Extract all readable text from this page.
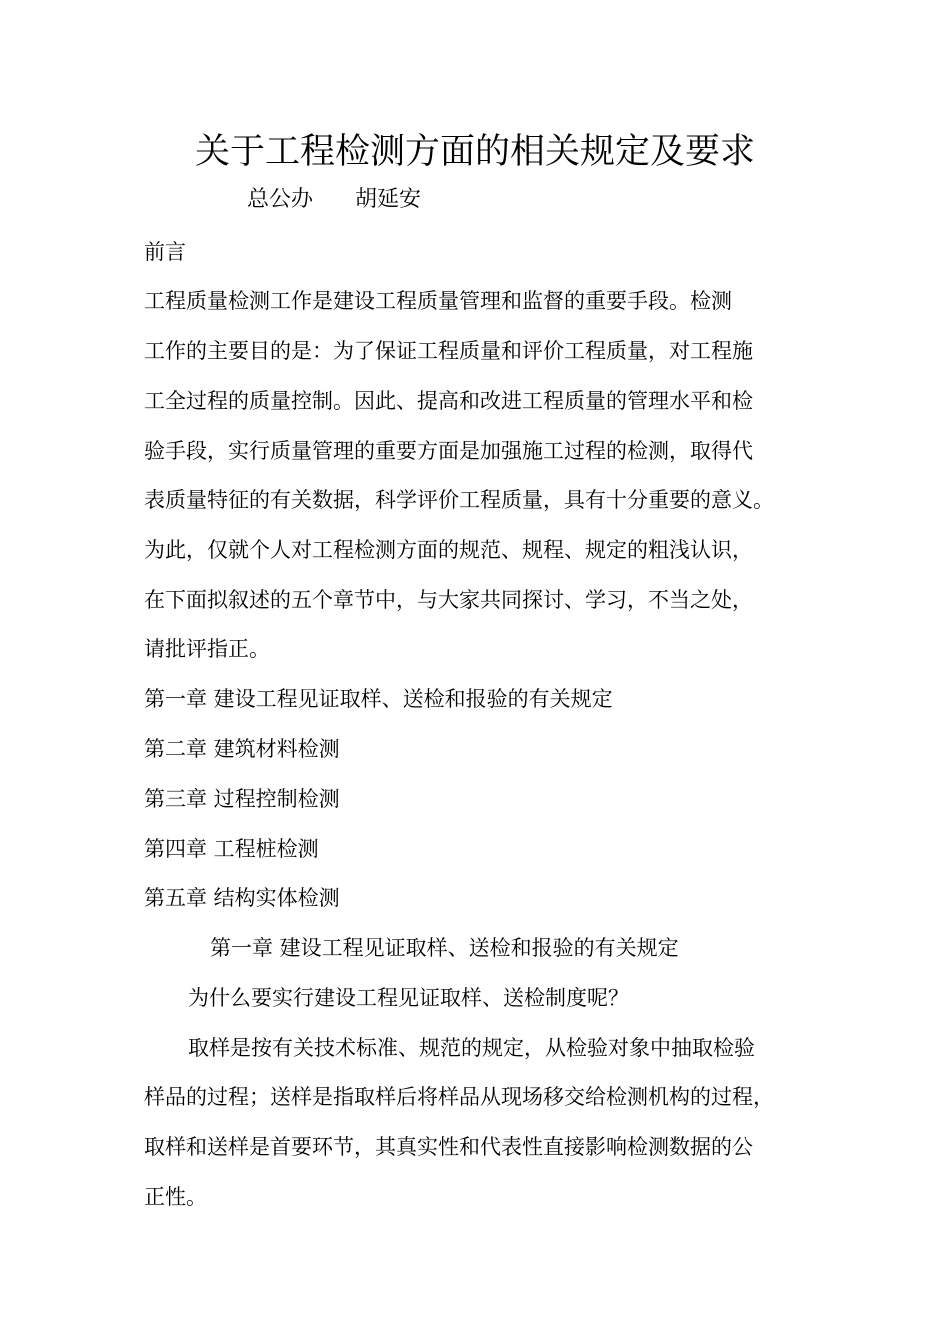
关于工程检测方面的相关规定及要求
总公办      胡延安
前言
工程质量检测工作是建设工程质量管理和监督的重要手段。检测
工作的主要目的是：为了保证工程质量和评价工程质量，对工程施
工全过程的质量控制。因此、提高和改进工程质量的管理水平和检
验手段，实行质量管理的重要方面是加强施工过程的检测，取得代
表质量特征的有关数据，科学评价工程质量，具有十分重要的意义。
为此，仅就个人对工程检测方面的规范、规程、规定的粗浅认识，
在下面拟叙述的五个章节中，与大家共同探讨、学习，不当之处，
请批评指正。
第一章 建设工程见证取样、送检和报验的有关规定
第二章 建筑材料检测
第三章 过程控制检测
第四章 工程桩检测
第五章 结构实体检测
第一章 建设工程见证取样、送检和报验的有关规定
为什么要实行建设工程见证取样、送检制度呢？
取样是按有关技术标准、规范的规定，从检验对象中抽取检验
样品的过程；送样是指取样后将样品从现场移交给检测机构的过程，
取样和送样是首要环节，其真实性和代表性直接影响检测数据的公
正性。
